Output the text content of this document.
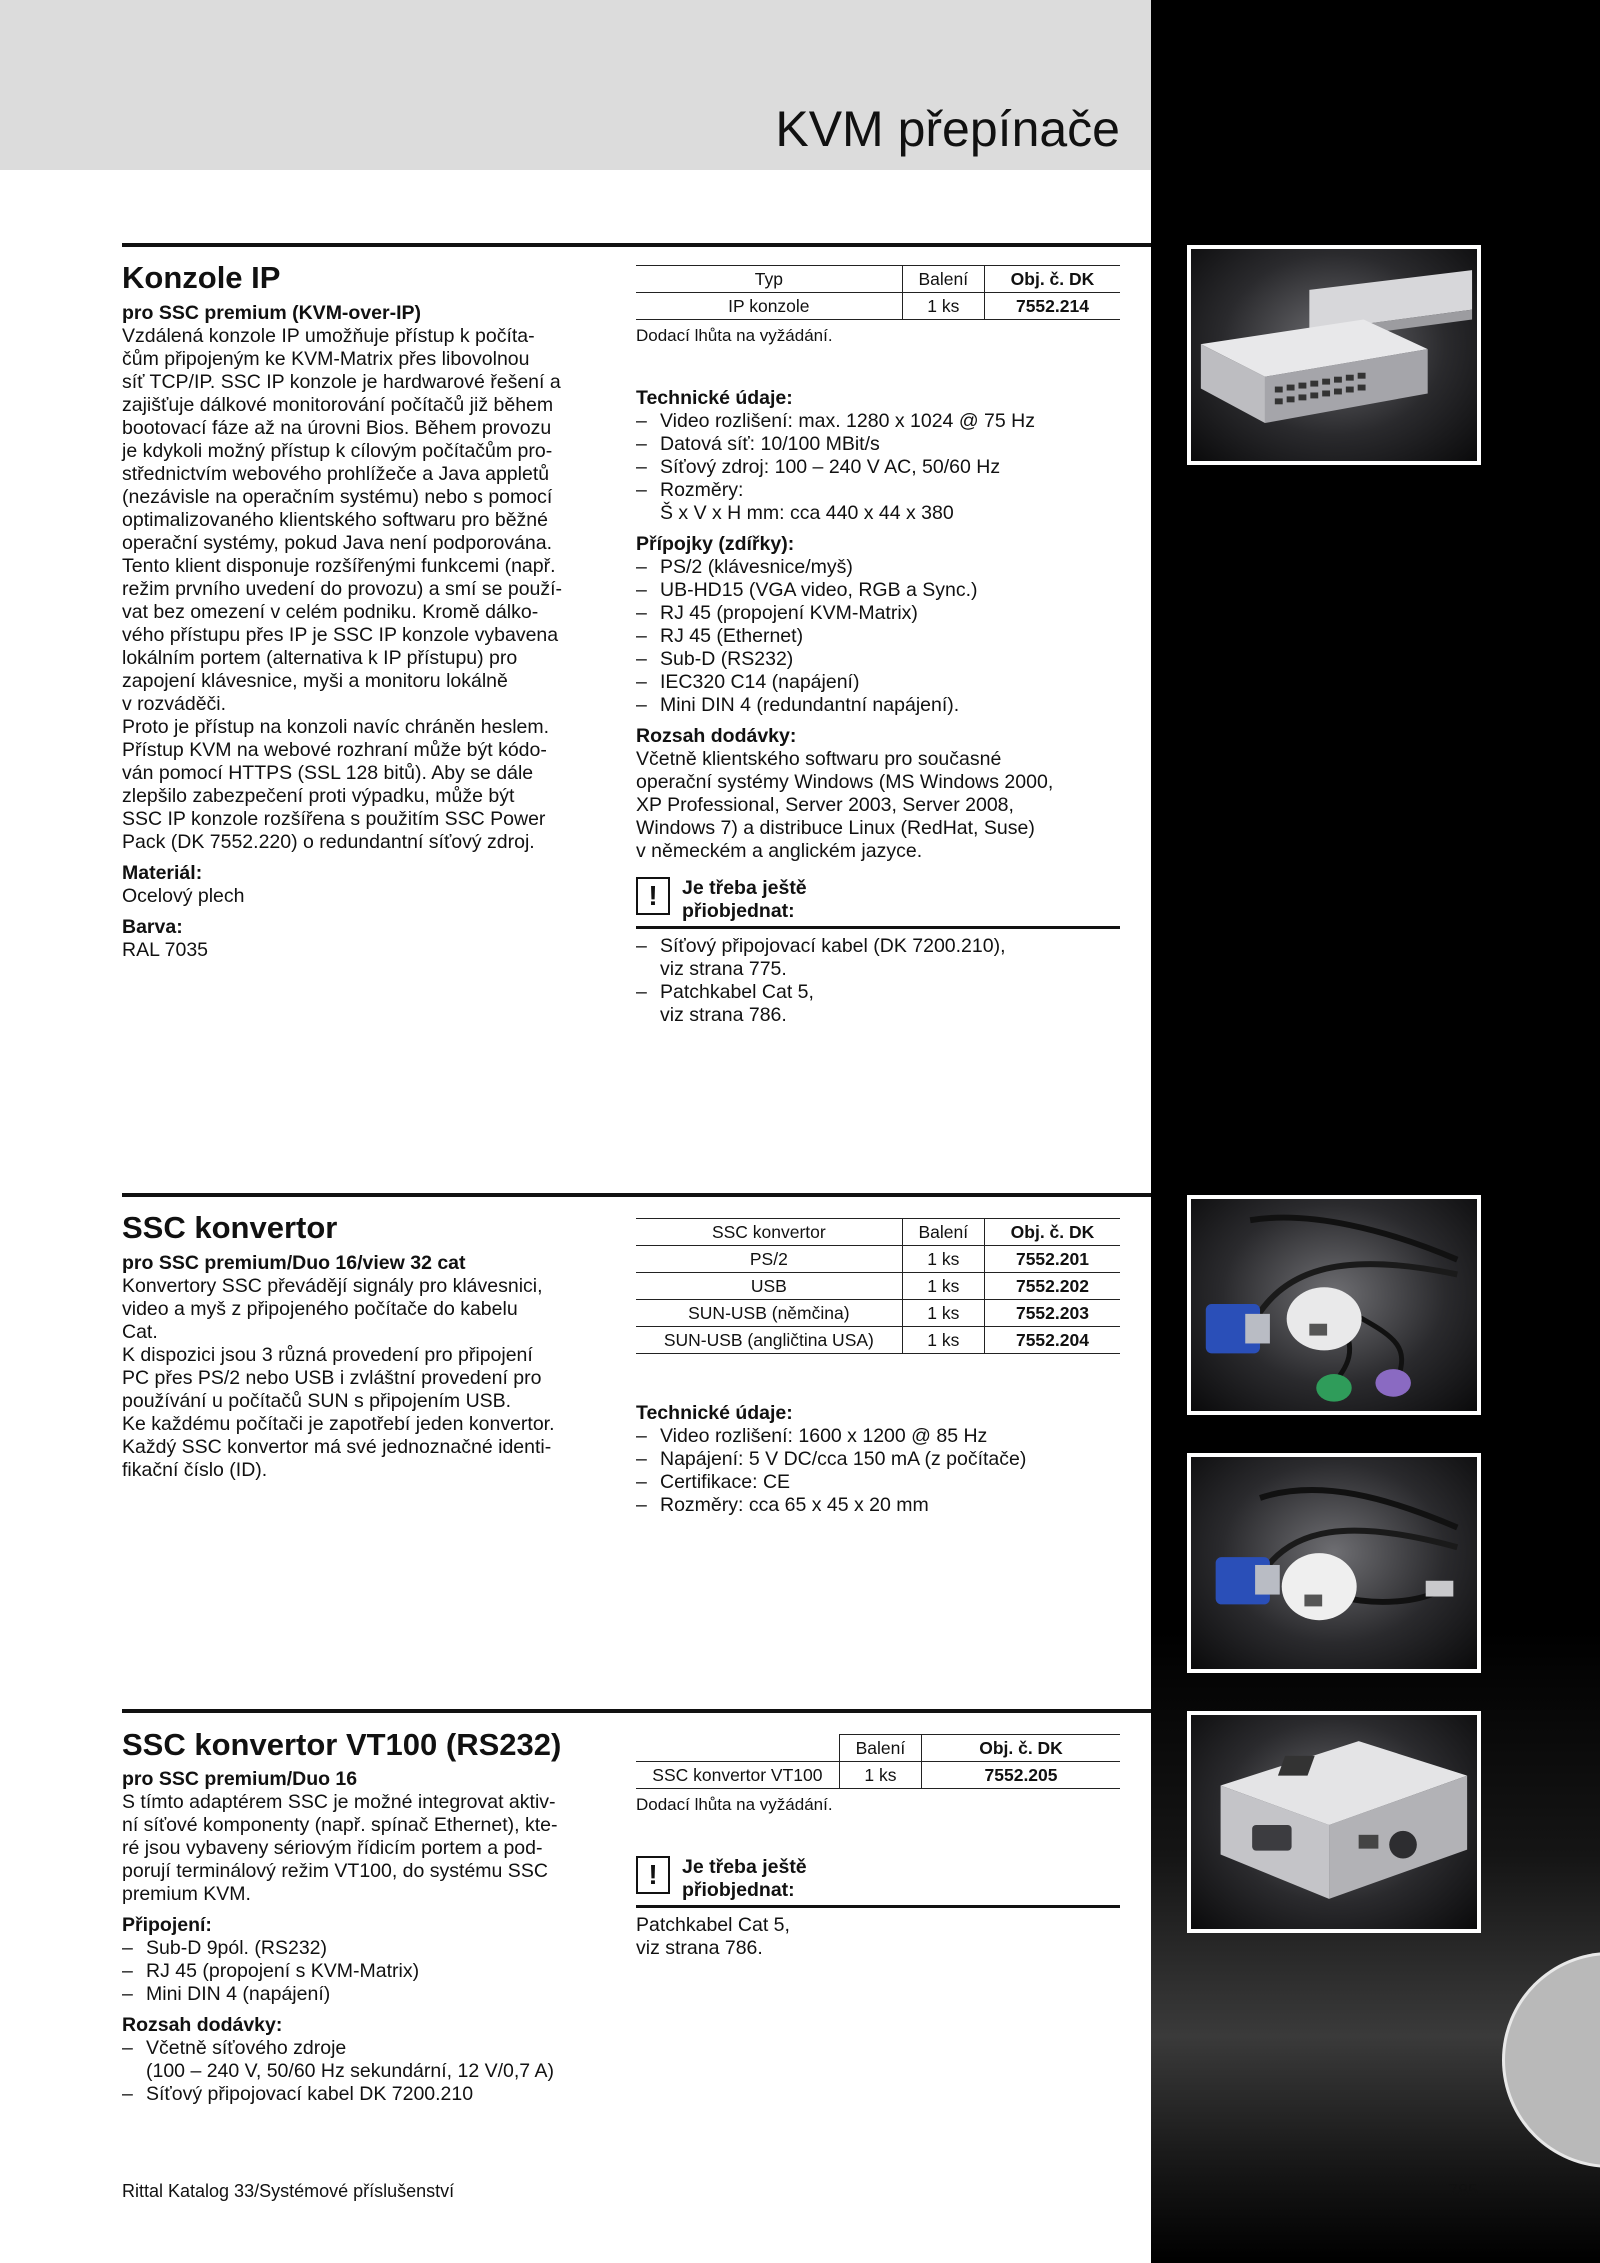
KVM přepínače
Konzole IP
pro SSC premium (KVM-over-IP)
Vzdálená konzole IP umožňuje přístup k počíta-
čům připojeným ke KVM-Matrix přes libovolnou
síť TCP/IP. SSC IP konzole je hardwarové řešení a
zajišťuje dálkové monitorování počítačů již během
bootovací fáze až na úrovni Bios. Během provozu
je kdykoli možný přístup k cílovým počítačům pro-
střednictvím webového prohlížeče a Java appletů
(nezávisle na operačním systému) nebo s pomocí
optimalizovaného klientského softwaru pro běžné
operační systémy, pokud Java není podporována.
Tento klient disponuje rozšířenými funkcemi (např.
režim prvního uvedení do provozu) a smí se použí-
vat bez omezení v celém podniku. Kromě dálko-
vého přístupu přes IP je SSC IP konzole vybavena
lokálním portem (alternativa k IP přístupu) pro
zapojení klávesnice, myši a monitoru lokálně
v rozváděči.
Proto je přístup na konzoli navíc chráněn heslem.
Přístup KVM na webové rozhraní může být kódo-
ván pomocí HTTPS (SSL 128 bitů). Aby se dále
zlepšilo zabezpečení proti výpadku, může být
SSC IP konzole rozšířena s použitím SSC Power
Pack (DK 7552.220) o redundantní síťový zdroj.
Materiál:
Ocelový plech
Barva:
RAL 7035
Typ	Balení	Obj. č. DK
IP konzole	1 ks	7552.214
Dodací lhůta na vyžádání.
Technické údaje:
– Video rozlišení: max. 1280 x 1024 @ 75 Hz
– Datová síť: 10/100 MBit/s
– Síťový zdroj: 100 – 240 V AC, 50/60 Hz
– Rozměry:
Š x V x H mm: cca 440 x 44 x 380
Přípojky (zdířky):
– PS/2 (klávesnice/myš)
– UB-HD15 (VGA video, RGB a Sync.)
– RJ 45 (propojení KVM-Matrix)
– RJ 45 (Ethernet)
– Sub-D (RS232)
– IEC320 C14 (napájení)
– Mini DIN 4 (redundantní napájení).
Rozsah dodávky:
Včetně klientského softwaru pro současné
operační systémy Windows (MS Windows 2000,
XP Professional, Server 2003, Server 2008,
Windows 7) a distribuce Linux (RedHat, Suse)
v německém a anglickém jazyce.
!	Je třeba ještě
přiobjednat:
– Síťový připojovací kabel (DK 7200.210),
viz strana 775.
– Patchkabel Cat 5,
viz strana 786.
SSC konvertor
pro SSC premium/Duo 16/view 32 cat
Konvertory SSC převádějí signály pro klávesnici,
video a myš z připojeného počítače do kabelu
Cat.
K dispozici jsou 3 různá provedení pro připojení
PC přes PS/2 nebo USB i zvláštní provedení pro
používání u počítačů SUN s připojením USB.
Ke každému počítači je zapotřebí jeden konvertor.
Každý SSC konvertor má své jednoznačné identi-
fikační číslo (ID).
SSC konvertor	Balení	Obj. č. DK
PS/2	1 ks	7552.201
USB	1 ks	7552.202
SUN-USB (němčina)	1 ks	7552.203
SUN-USB (angličtina USA)	1 ks	7552.204
Technické údaje:
– Video rozlišení: 1600 x 1200 @ 85 Hz
– Napájení: 5 V DC/cca 150 mA (z počítače)
– Certifikace: CE
– Rozměry: cca 65 x 45 x 20 mm
SSC konvertor VT100 (RS232)
pro SSC premium/Duo 16
S tímto adaptérem SSC je možné integrovat aktiv-
ní síťové komponenty (např. spínač Ethernet), kte-
ré jsou vybaveny sériovým řídicím portem a pod-
porují terminálový režim VT100, do systému SSC
premium KVM.
Připojení:
– Sub-D 9pól. (RS232)
– RJ 45 (propojení s KVM-Matrix)
– Mini DIN 4 (napájení)
Rozsah dodávky:
– Včetně síťového zdroje
(100 – 240 V, 50/60 Hz sekundární, 12 V/0,7 A)
– Síťový připojovací kabel DK 7200.210
	Balení	Obj. č. DK
SSC konvertor VT100	1 ks	7552.205
Dodací lhůta na vyžádání.
!	Je třeba ještě
přiobjednat:
Patchkabel Cat 5,
viz strana 786.
Rittal Katalog 33/Systémové příslušenství	785
